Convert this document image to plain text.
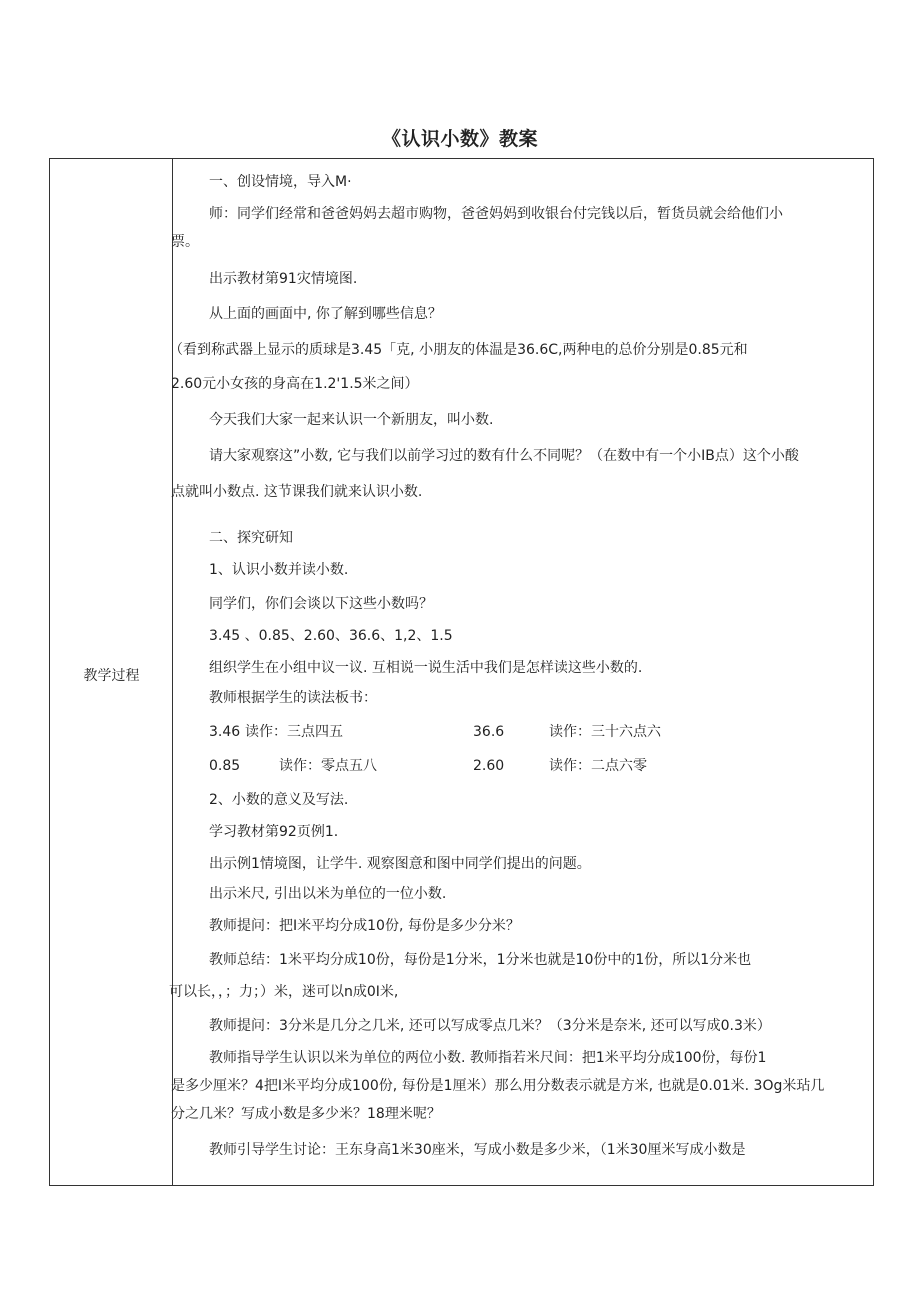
《认识小数》教案
教学过程
一、创设情境，导入M·
师：同学们经常和爸爸妈妈去超市购物，爸爸妈妈到收银台付完钱以后，暂货员就会给他们小
票。
出示教材第91灾情境图.
从上面的画面中, 你了解到哪些信息？
（看到称武器上显示的质球是3.45「克, 小朋友的体温是36.6C,两种电的总价分别是0.85元和
2.60元小女孩的身高在1.2'1.5米之间）
今天我们大家一起来认识一个新朋友，叫小数.
请大家观察这”小数, 它与我们以前学习过的数有什么不同呢？（在数中有一个小IB点）这个小酸
点就叫小数点. 这节课我们就来认识小数.
二、探究研知
1、认识小数并读小数.
同学们，你们会谈以下这些小数吗？
3.45 、0.85、2.60、36.6、1,2、1.5
组织学生在小组中议一议. 互相说一说生活中我们是怎样读这些小数的.
教师根据学生的读法板书：
3.46 读作：三点四五	36.6	读作：三十六点六
0.85	读作：零点五八	2.60	读作：二点六零
2、小数的意义及写法.
学习教材第92页例1.
出示例1情境图，让学牛. 观察图意和图中同学们提出的问题。
出示米尺, 引出以米为单位的一位小数.
教师提问：把I米平均分成10份, 每份是多少分米？
教师总结：1米平均分成10份，每份是1分米，1分米也就是10份中的1份，所以1分米也
可以长，，；力；）米，迷可以n成0I米,
教师提问：3分米是几分之几米, 还可以写成零点几米？（3分米是奈米, 还可以写成0.3米）
教师指导学生认识以米为单位的两位小数. 教师指若米尺间：把1米平均分成100份，每份1
是多少厘米？4把I米平均分成100份, 每份是1厘米）那么用分数表示就是方米, 也就是0.01米. 3Og米玷几
分之几米？写成小数是多少米？18理米呢？
教师引导学生讨论：王东身高1米30座米，写成小数是多少米，（1米30厘米写成小数是
